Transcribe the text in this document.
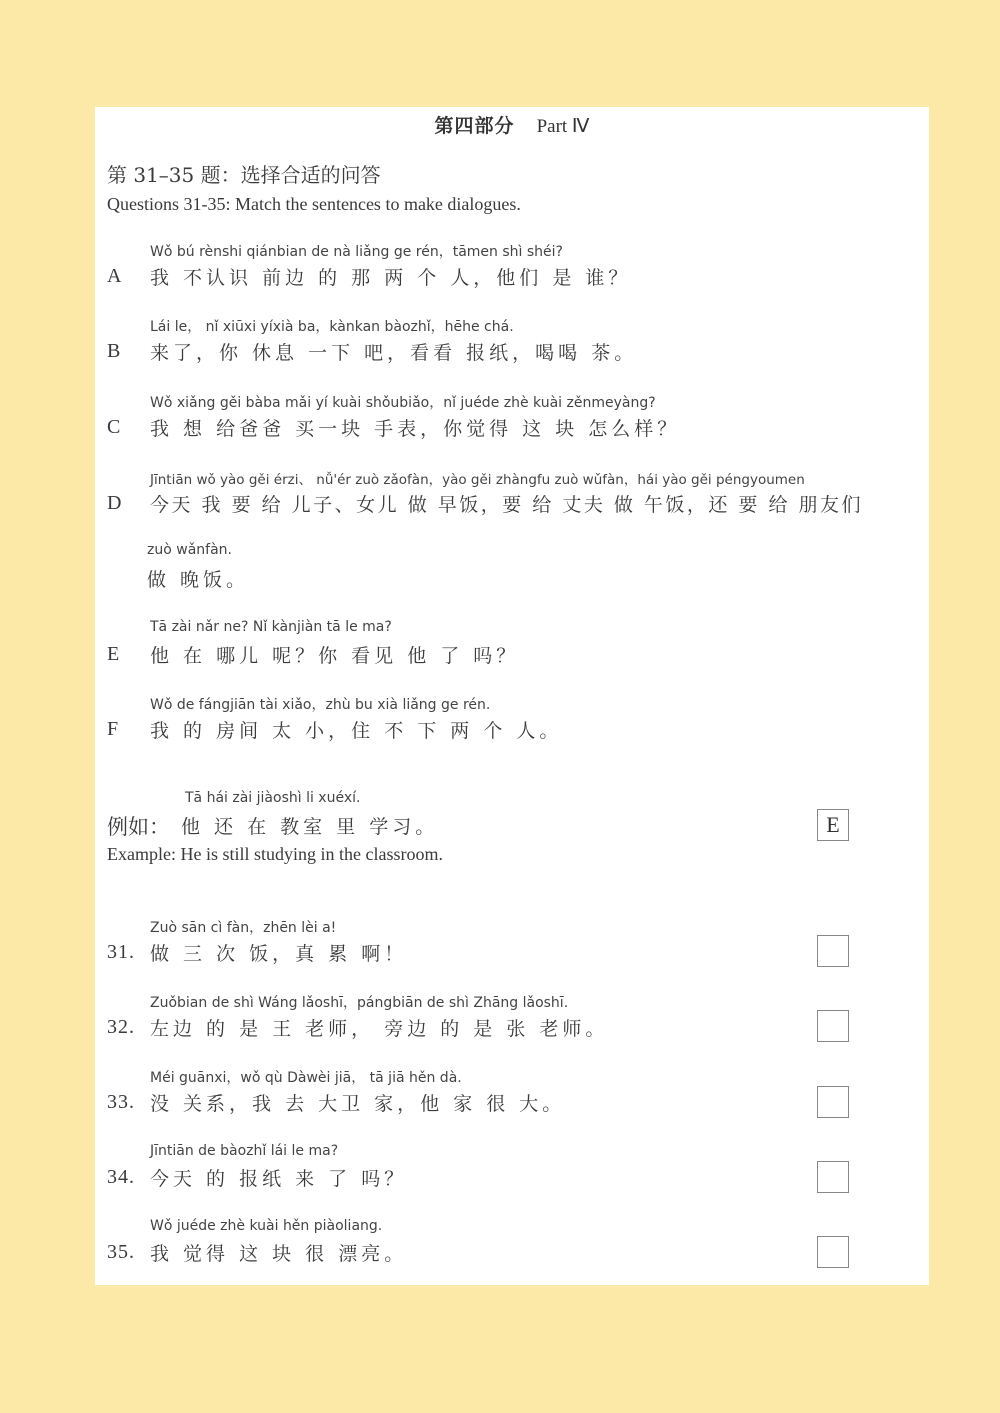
第四部分 Part Ⅳ
第 31–35 题：选择合适的问答
Questions 31-35: Match the sentences to make dialogues.
Wǒ bú rènshi qiánbian de nà liǎng ge rén，tāmen shì shéi?
A 我 不认识 前边 的 那 两 个 人，他们 是 谁？
Lái le， nǐ xiūxi yíxià ba，kànkan bàozhǐ，hēhe chá.
B 来了，你 休息 一下 吧，看看 报纸，喝喝 茶。
Wǒ xiǎng gěi bàba mǎi yí kuài shǒubiǎo，nǐ juéde zhè kuài zěnmeyàng?
C 我 想 给爸爸 买一块 手表，你觉得 这 块 怎么样？
Jīntiān wǒ yào gěi érzi、 nǚ'ér zuò zǎofàn，yào gěi zhàngfu zuò wǔfàn，hái yào gěi péngyoumen
D 今天 我 要 给 儿子、女儿 做 早饭，要 给 丈夫 做 午饭，还 要 给 朋友们
zuò wǎnfàn.
做 晚饭。
Tā zài nǎr ne? Nǐ kànjiàn tā le ma?
E 他 在 哪儿 呢？你 看见 他 了 吗？
Wǒ de fángjiān tài xiǎo，zhù bu xià liǎng ge rén.
F 我 的 房间 太 小，住 不 下 两 个 人。
Tā hái zài jiàoshì li xuéxí.
例如： 他 还 在 教室 里 学习。
Example: He is still studying in the classroom.
E
Zuò sān cì fàn，zhēn lèi a!
31. 做 三 次 饭，真 累 啊！
Zuǒbian de shì Wáng lǎoshī，pángbiān de shì Zhāng lǎoshī.
32. 左边 的 是 王 老师， 旁边 的 是 张 老师。
Méi guānxi，wǒ qù Dàwèi jiā， tā jiā hěn dà.
33. 没 关系，我 去 大卫 家，他 家 很 大。
Jīntiān de bàozhǐ lái le ma?
34. 今天 的 报纸 来 了 吗？
Wǒ juéde zhè kuài hěn piàoliang.
35. 我 觉得 这 块 很 漂亮。
